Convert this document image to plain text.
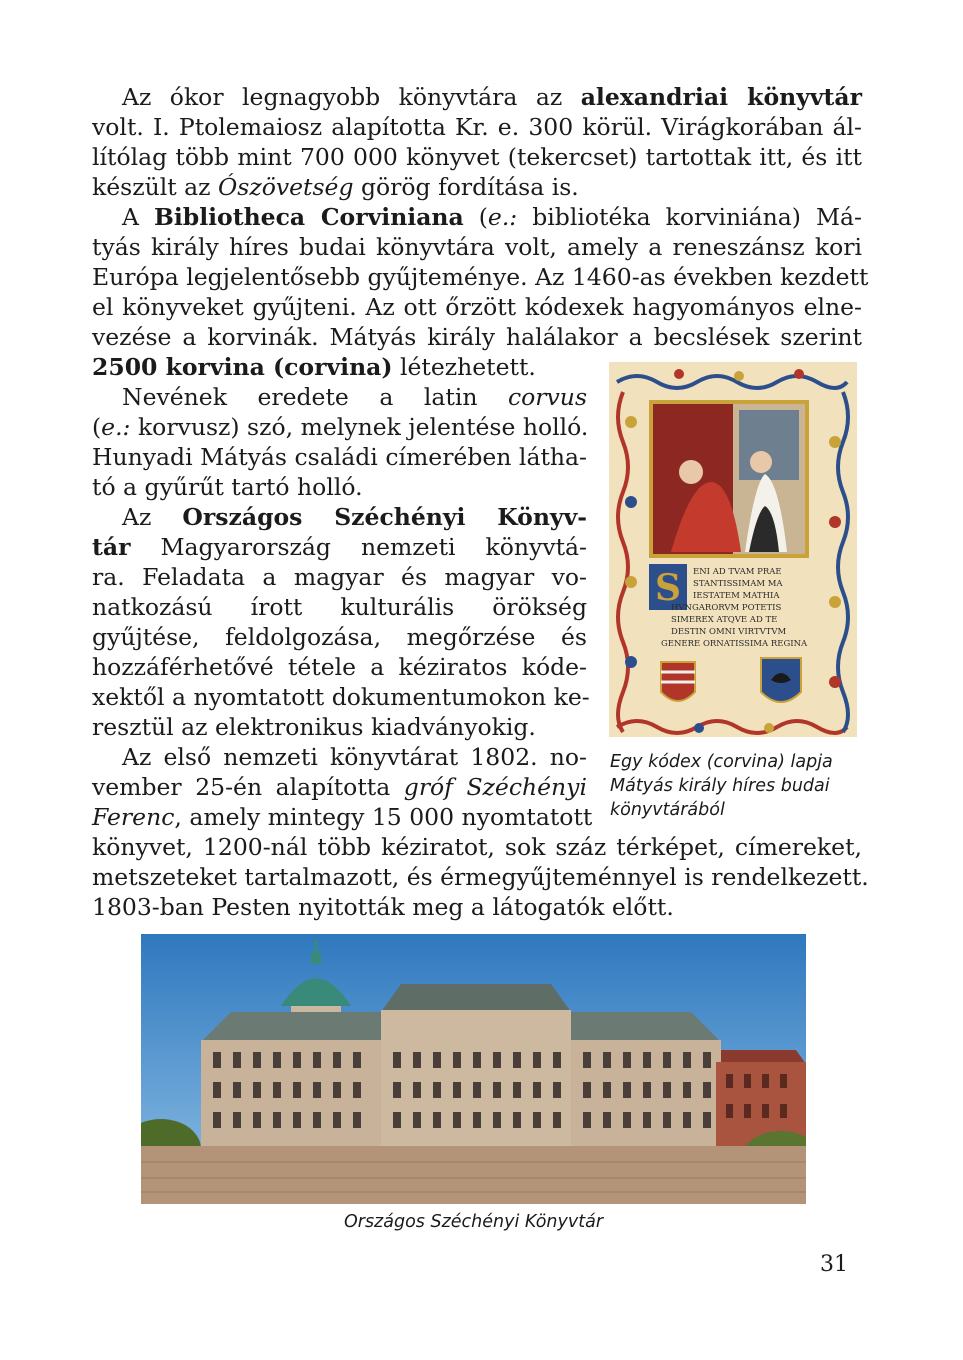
Az ókor legnagyobb könyvtára az alexandriai könyvtár
volt. I. Ptolemaiosz alapította Kr. e. 300 körül. Virágkorában ál-
lítólag több mint 700 000 könyvet (tekercset) tartottak itt, és itt
készült az Ószövetség görög fordítása is.
A Bibliotheca Corviniana (e.: bibliotéka korviniána) Má-
tyás király híres budai könyvtára volt, amely a reneszánsz kori
Európa legjelentősebb gyűjteménye. Az 1460-as években kezdett
el könyveket gyűjteni. Az ott őrzött kódexek hagyományos elne-
vezése a korvinák. Mátyás király halálakor a becslések szerint
2500 korvina (corvina) létezhetett.
Nevének eredete a latin corvus
(e.: korvusz) szó, melynek jelentése holló.
Hunyadi Mátyás családi címerében látha-
tó a gyűrűt tartó holló.
Az Országos Széchényi Könyv-
tár Magyarország nemzeti könyvtá-
ra. Feladata a magyar és magyar vo-
natkozású írott kulturális örökség
gyűjtése, feldolgozása, megőrzése és
hozzáférhetővé tétele a kéziratos kóde-
xektől a nyomtatott dokumentumokon ke-
resztül az elektronikus kiadványokig.
Az első nemzeti könyvtárat 1802. no-
vember 25-én alapította gróf Széchényi
Ferenc, amely mintegy 15 000 nyomtatott
könyvet, 1200-nál több kéziratot, sok száz térképet, címereket,
metszeteket tartalmazott, és érmegyűjteménnyel is rendelkezett.
1803-ban Pesten nyitották meg a látogatók előtt.
S ENI AD TVAM PRAE
STANTISSIMAM MA
IESTATEM MATHIA
HVNGARORVM POTETIS
SIMEREX ATQVE AD TE
DESTIN OMNI VIRTVTVM
GENERE ORNATISSIMA REGINA
Egy kódex (corvina) lapja Mátyás király híres budai könyvtárából
Országos Széchényi Könyvtár
31
